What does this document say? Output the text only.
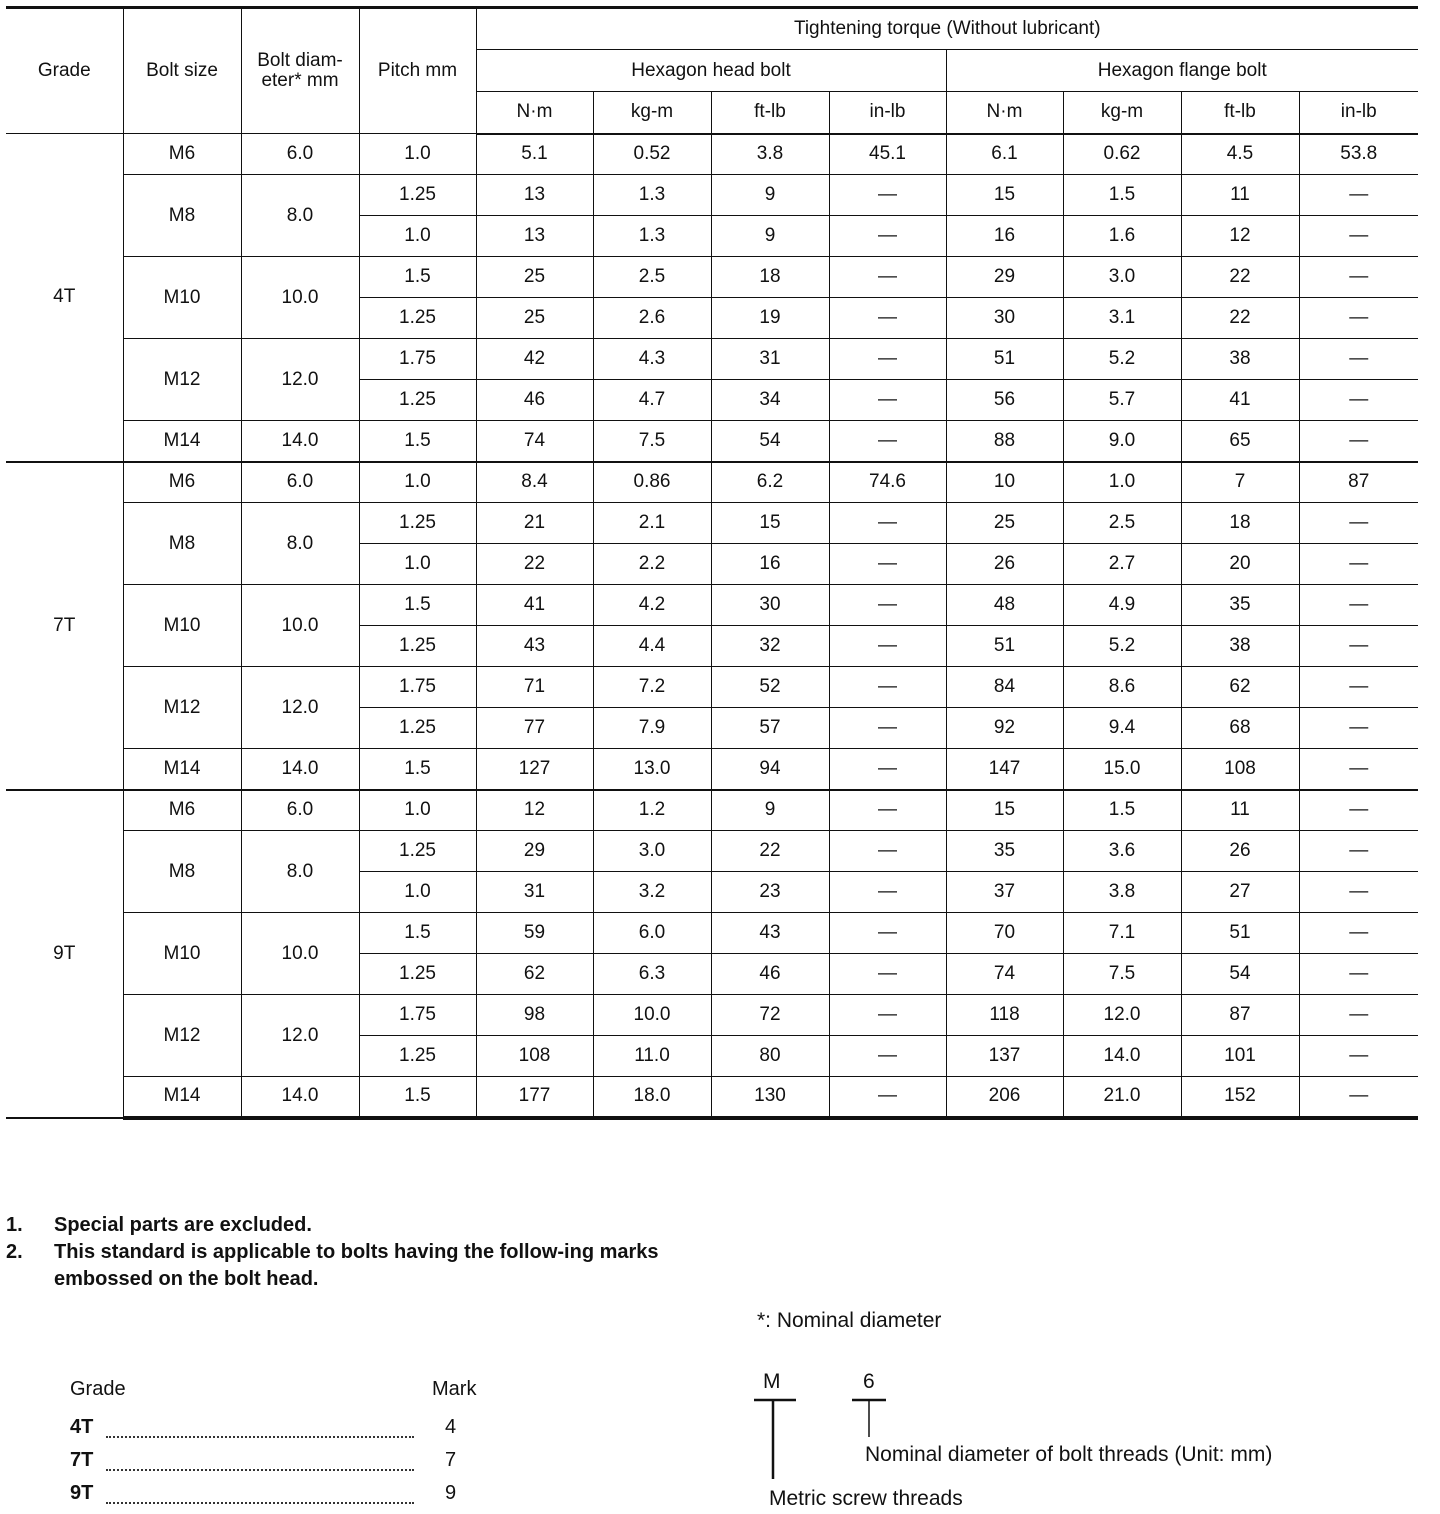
Grade	Bolt size	Bolt diam-eter* mm	Pitch mm	Tightening torque (Without lubricant)							
				Hexagon head bolt				Hexagon flange bolt			
				N·m	kg-m	ft-lb	in-lb	N·m	kg-m	ft-lb	in-lb
4T	M6	6.0	1.0	5.1	0.52	3.8	45.1	6.1	0.62	4.5	53.8
	M8	8.0	1.25	13	1.3	9	—	15	1.5	11	—
			1.0	13	1.3	9	—	16	1.6	12	—
	M10	10.0	1.5	25	2.5	18	—	29	3.0	22	—
			1.25	25	2.6	19	—	30	3.1	22	—
	M12	12.0	1.75	42	4.3	31	—	51	5.2	38	—
			1.25	46	4.7	34	—	56	5.7	41	—
	M14	14.0	1.5	74	7.5	54	—	88	9.0	65	—
7T	M6	6.0	1.0	8.4	0.86	6.2	74.6	10	1.0	7	87
	M8	8.0	1.25	21	2.1	15	—	25	2.5	18	—
			1.0	22	2.2	16	—	26	2.7	20	—
	M10	10.0	1.5	41	4.2	30	—	48	4.9	35	—
			1.25	43	4.4	32	—	51	5.2	38	—
	M12	12.0	1.75	71	7.2	52	—	84	8.6	62	—
			1.25	77	7.9	57	—	92	9.4	68	—
	M14	14.0	1.5	127	13.0	94	—	147	15.0	108	—
9T	M6	6.0	1.0	12	1.2	9	—	15	1.5	11	—
	M8	8.0	1.25	29	3.0	22	—	35	3.6	26	—
			1.0	31	3.2	23	—	37	3.8	27	—
	M10	10.0	1.5	59	6.0	43	—	70	7.1	51	—
			1.25	62	6.3	46	—	74	7.5	54	—
	M12	12.0	1.75	98	10.0	72	—	118	12.0	87	—
			1.25	108	11.0	80	—	137	14.0	101	—
	M14	14.0	1.5	177	18.0	130	—	206	21.0	152	—
1.	Special parts are excluded.
2.	This standard is applicable to bolts having the follow-ing marks embossed on the bolt head.
*: Nominal diameter
Grade	Mark
4T	4
7T	7
9T	9
M	6
Nominal diameter of bolt threads (Unit: mm)
Metric screw threads
